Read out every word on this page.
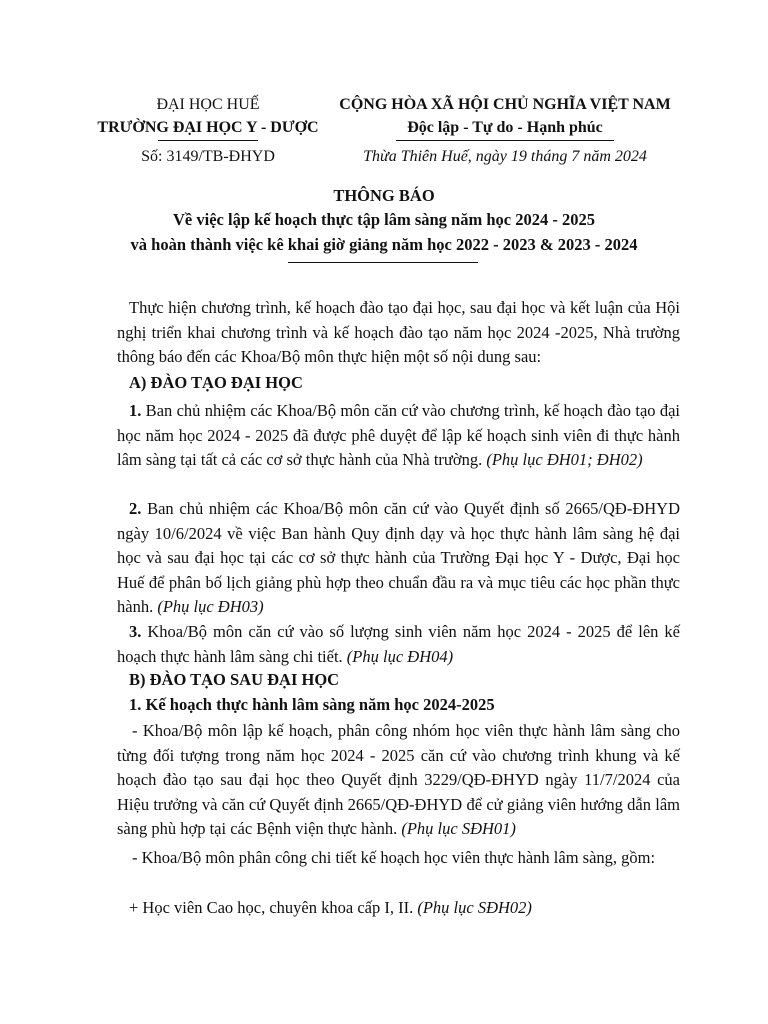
ĐẠI HỌC HUẾ
TRƯỜNG ĐẠI HỌC Y - DƯỢC
Số: 3149/TB-ĐHYD
CỘNG HÒA XÃ HỘI CHỦ NGHĨA VIỆT NAM
Độc lập - Tự do - Hạnh phúc
Thừa Thiên Huế, ngày 19 tháng 7 năm 2024
THÔNG BÁO
Về việc lập kế hoạch thực tập lâm sàng năm học 2024 - 2025
và hoàn thành việc kê khai giờ giảng năm học 2022 - 2023 & 2023 - 2024
Thực hiện chương trình, kế hoạch đào tạo đại học, sau đại học và kết luận của Hội nghị triển khai chương trình và kế hoạch đào tạo năm học 2024 -2025, Nhà trường thông báo đến các Khoa/Bộ môn thực hiện một số nội dung sau:
A) ĐÀO TẠO ĐẠI HỌC
1. Ban chủ nhiệm các Khoa/Bộ môn căn cứ vào chương trình, kế hoạch đào tạo đại học năm học 2024 - 2025 đã được phê duyệt để lập kế hoạch sinh viên đi thực hành lâm sàng tại tất cả các cơ sở thực hành của Nhà trường. (Phụ lục ĐH01; ĐH02)
2. Ban chủ nhiệm các Khoa/Bộ môn căn cứ vào Quyết định số 2665/QĐ-ĐHYD ngày 10/6/2024 về việc Ban hành Quy định dạy và học thực hành lâm sàng hệ đại học và sau đại học tại các cơ sở thực hành của Trường Đại học Y - Dược, Đại học Huế để phân bố lịch giảng phù hợp theo chuẩn đầu ra và mục tiêu các học phần thực hành. (Phụ lục ĐH03)
3. Khoa/Bộ môn căn cứ vào số lượng sinh viên năm học 2024 - 2025 để lên kế hoạch thực hành lâm sàng chi tiết. (Phụ lục ĐH04)
B) ĐÀO TẠO SAU ĐẠI HỌC
1. Kế hoạch thực hành lâm sàng năm học 2024-2025
- Khoa/Bộ môn lập kế hoạch, phân công nhóm học viên thực hành lâm sàng cho từng đối tượng trong năm học 2024 - 2025 căn cứ vào chương trình khung và kế hoạch đào tạo sau đại học theo Quyết định 3229/QĐ-ĐHYD ngày 11/7/2024 của Hiệu trưởng và căn cứ Quyết định 2665/QĐ-ĐHYD để cử giảng viên hướng dẫn lâm sàng phù hợp tại các Bệnh viện thực hành. (Phụ lục SĐH01)
- Khoa/Bộ môn phân công chi tiết kế hoạch học viên thực hành lâm sàng, gồm:
+ Học viên Cao học, chuyên khoa cấp I, II. (Phụ lục SĐH02)
